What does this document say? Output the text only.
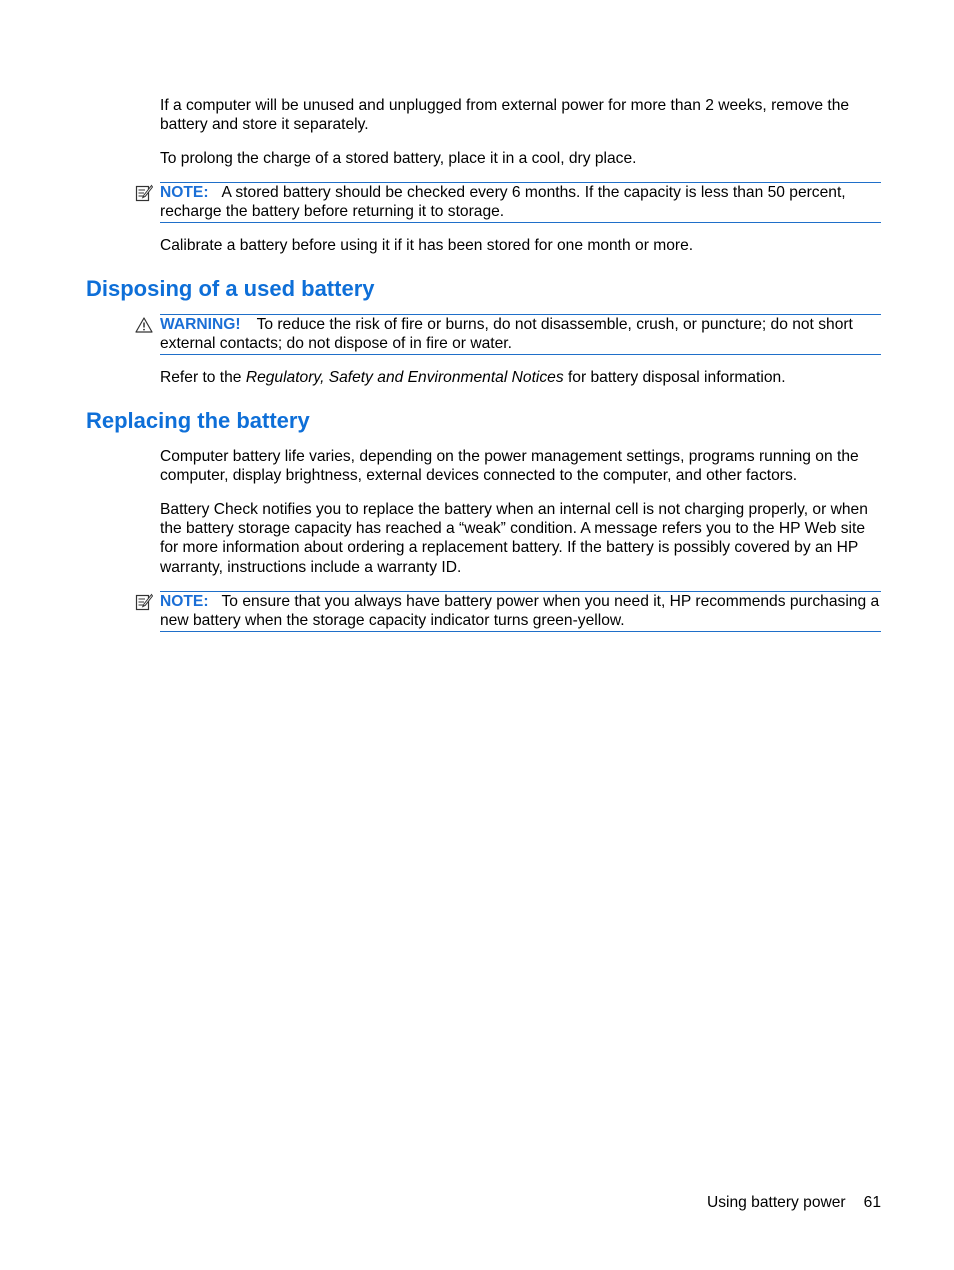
If a computer will be unused and unplugged from external power for more than 2 weeks, remove the battery and store it separately.

To prolong the charge of a stored battery, place it in a cool, dry place.

NOTE: A stored battery should be checked every 6 months. If the capacity is less than 50 percent, recharge the battery before returning it to storage.

Calibrate a battery before using it if it has been stored for one month or more.

Disposing of a used battery

WARNING! To reduce the risk of fire or burns, do not disassemble, crush, or puncture; do not short external contacts; do not dispose of in fire or water.

Refer to the Regulatory, Safety and Environmental Notices for battery disposal information.

Replacing the battery

Computer battery life varies, depending on the power management settings, programs running on the computer, display brightness, external devices connected to the computer, and other factors.

Battery Check notifies you to replace the battery when an internal cell is not charging properly, or when the battery storage capacity has reached a “weak” condition. A message refers you to the HP Web site for more information about ordering a replacement battery. If the battery is possibly covered by an HP warranty, instructions include a warranty ID.

NOTE: To ensure that you always have battery power when you need it, HP recommends purchasing a new battery when the storage capacity indicator turns green-yellow.

Using battery power 61
